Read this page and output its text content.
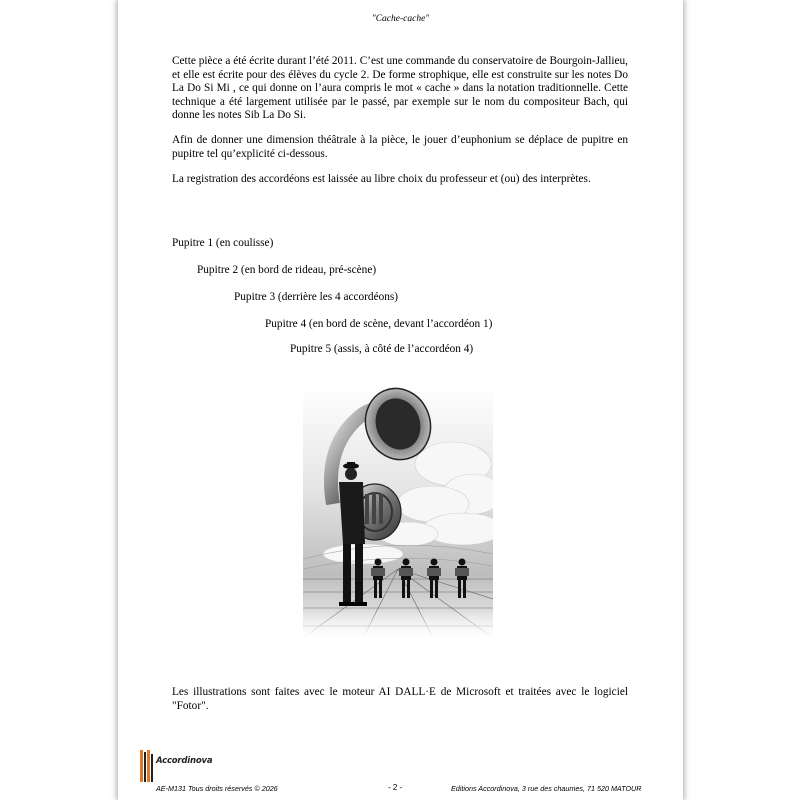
"Cache-cache"
Cette pièce a été écrite durant l’été 2011. C’est une commande du conservatoire de Bourgoin-Jallieu, et elle est écrite pour des élèves du cycle 2. De forme strophique, elle est construite sur les notes Do La Do Si Mi , ce qui donne on l’aura compris le mot « cache » dans la notation traditionnelle. Cette technique a été largement utilisée par le passé, par exemple sur le nom du compositeur Bach, qui donne les notes Sib La Do Si.
Afin de donner une dimension théâtrale à la pièce, le jouer d’euphonium se déplace de pupitre en pupitre tel qu’explicité ci-dessous.
La registration des accordéons est laissée au libre choix du professeur et (ou) des interprètes.
Pupitre 1 (en coulisse)
Pupitre 2 (en bord de rideau, pré-scène)
Pupitre 3 (derrière les 4 accordéons)
Pupitre 4 (en bord de scène, devant l’accordéon 1)
Pupitre 5 (assis, à côté de l’accordéon 4)
Les illustrations sont faites avec le moteur AI DALL·E de Microsoft et traitées avec le logiciel "Fotor".
Accordinova
AE-M131 Tous droits réservés © 2026	- 2 -	Editions Accordinova, 3 rue des chaumes, 71 520 MATOUR
